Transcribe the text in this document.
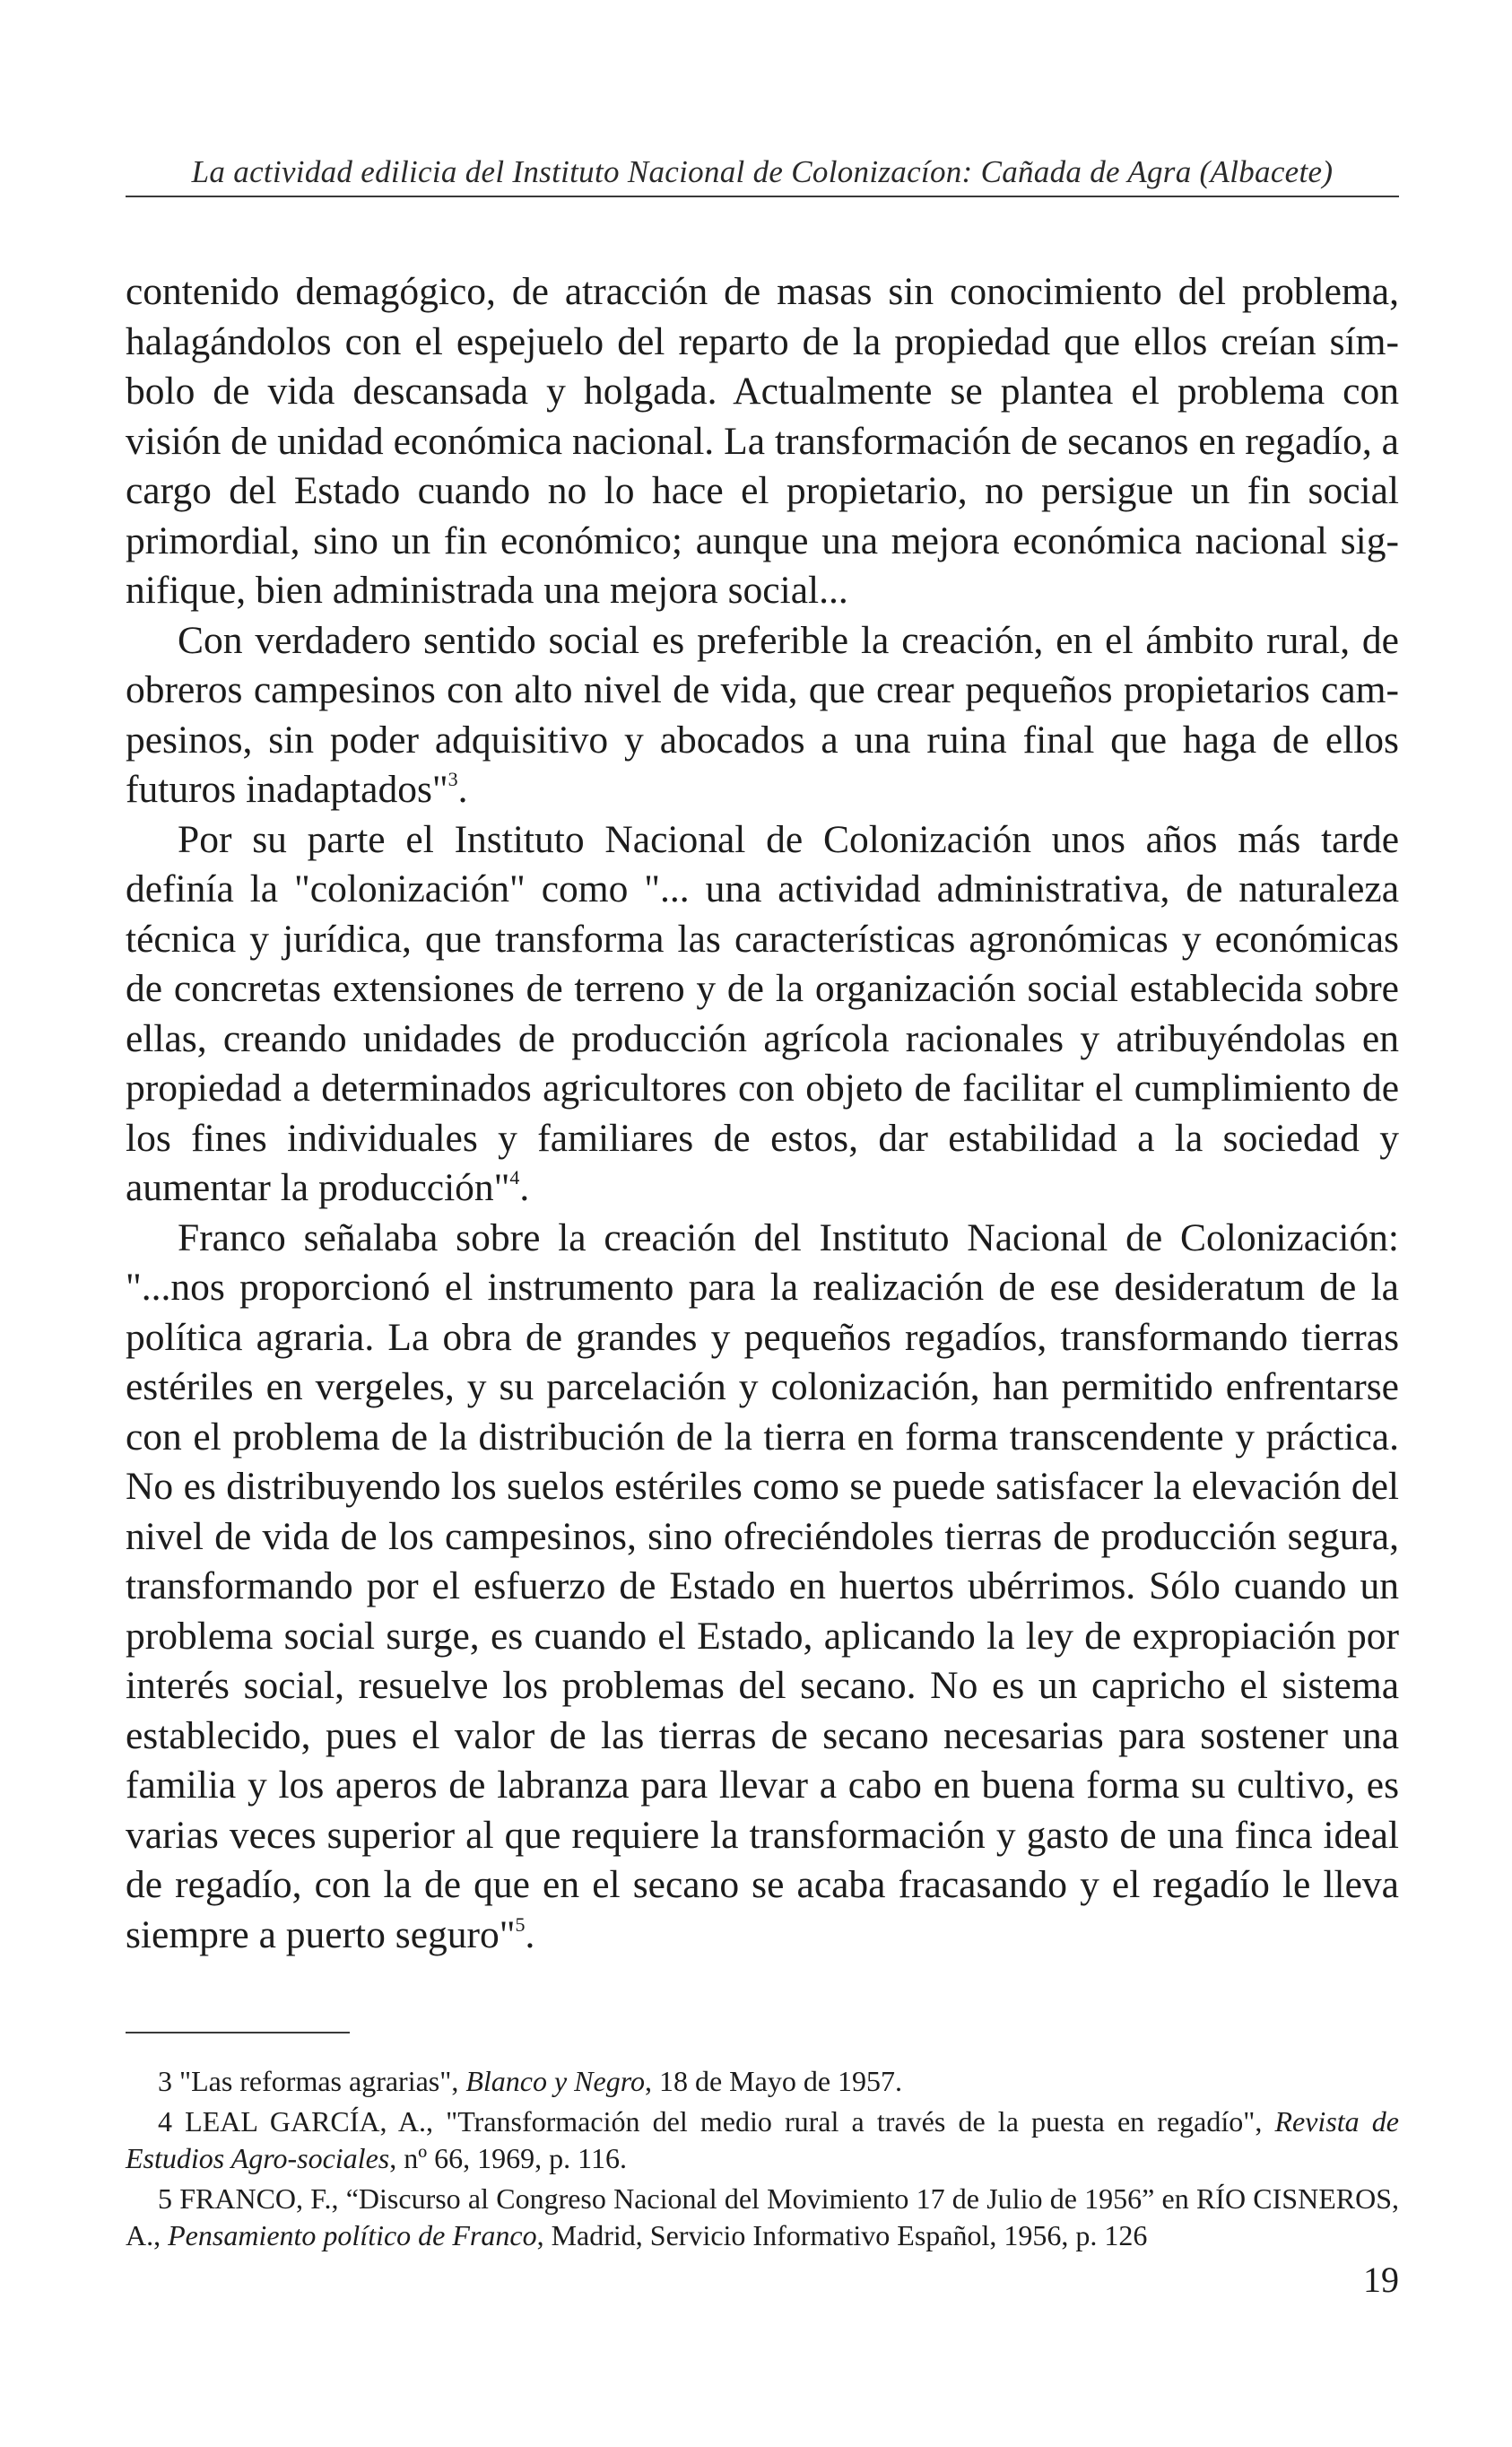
La actividad edilicia del Instituto Nacional de Colonizacíon: Cañada de Agra (Albacete)

contenido demagógico, de atracción de masas sin conocimiento del problema, halagándolos con el espejuelo del reparto de la propiedad que ellos creían símbolo de vida descansada y holgada. Actualmente se plantea el problema con visión de unidad económica nacional. La transformación de secanos en regadío, a cargo del Estado cuando no lo hace el propietario, no persigue un fin social primordial, sino un fin económico; aunque una mejora económica nacional signifique, bien administrada una mejora social...

Con verdadero sentido social es preferible la creación, en el ámbito rural, de obreros campesinos con alto nivel de vida, que crear pequeños propietarios campesinos, sin poder adquisitivo y abocados a una ruina final que haga de ellos futuros inadaptados"$^3$.

Por su parte el Instituto Nacional de Colonización unos años más tarde definía la "colonización" como "... una actividad administrativa, de naturaleza técnica y jurídica, que transforma las características agronómicas y económicas de concretas extensiones de terreno y de la organización social establecida sobre ellas, creando unidades de producción agrícola racionales y atribuyéndolas en propiedad a determinados agricultores con objeto de facilitar el cumplimiento de los fines individuales y familiares de estos, dar estabilidad a la sociedad y aumentar la producción"$^4$.

Franco señalaba sobre la creación del Instituto Nacional de Colonización: "...nos proporcionó el instrumento para la realización de ese desideratum de la política agraria. La obra de grandes y pequeños regadíos, transformando tierras estériles en vergeles, y su parcelación y colonización, han permitido enfrentarse con el problema de la distribución de la tierra en forma transcendente y práctica. No es distribuyendo los suelos estériles como se puede satisfacer la elevación del nivel de vida de los campesinos, sino ofreciéndoles tierras de producción segura, transformando por el esfuerzo de Estado en huertos ubérrimos. Sólo cuando un problema social surge, es cuando el Estado, aplicando la ley de expropiación por interés social, resuelve los problemas del secano. No es un capricho el sistema establecido, pues el valor de las tierras de secano necesarias para sostener una familia y los aperos de labranza para llevar a cabo en buena forma su cultivo, es varias veces superior al que requiere la transformación y gasto de una finca ideal de regadío, con la de que en el secano se acaba fracasando y el regadío le lleva siempre a puerto seguro"$^5$.

3 "Las reformas agrarias", Blanco y Negro, 18 de Mayo de 1957.

4 LEAL GARCÍA, A., "Transformación del medio rural a través de la puesta en regadío", Revista de Estudios Agro-sociales, nº 66, 1969, p. 116.

5 FRANCO, F., “Discurso al Congreso Nacional del Movimiento 17 de Julio de 1956” en RÍO CISNEROS, A., Pensamiento político de Franco, Madrid, Servicio Informativo Español, 1956, p. 126

19
